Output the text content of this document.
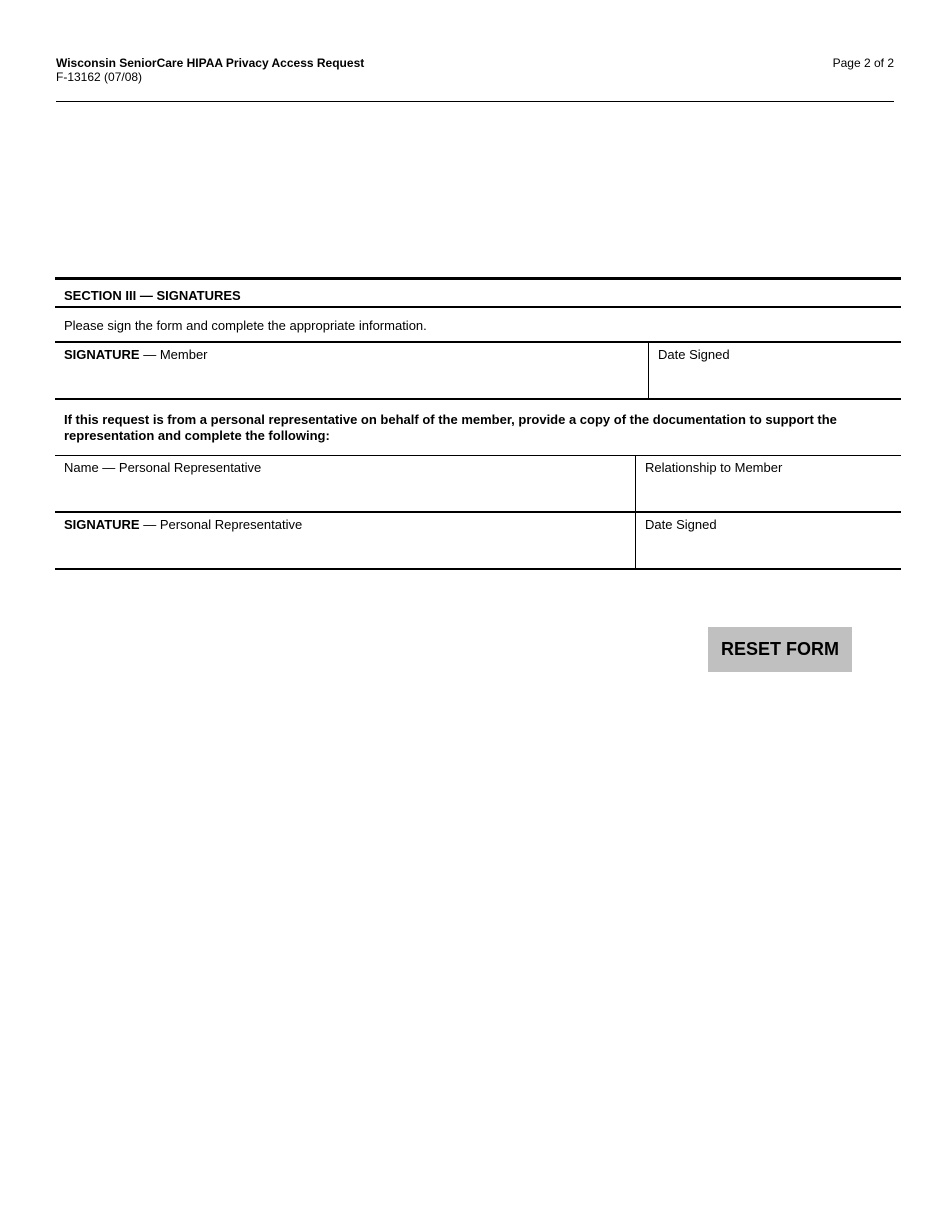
Wisconsin SeniorCare HIPAA Privacy Access Request
F-13162 (07/08)
Page 2 of 2
SECTION III — SIGNATURES
Please sign the form and complete the appropriate information.
SIGNATURE — Member	Date Signed
If this request is from a personal representative on behalf of the member, provide a copy of the documentation to support the representation and complete the following:
Name — Personal Representative	Relationship to Member
SIGNATURE — Personal Representative	Date Signed
RESET FORM
